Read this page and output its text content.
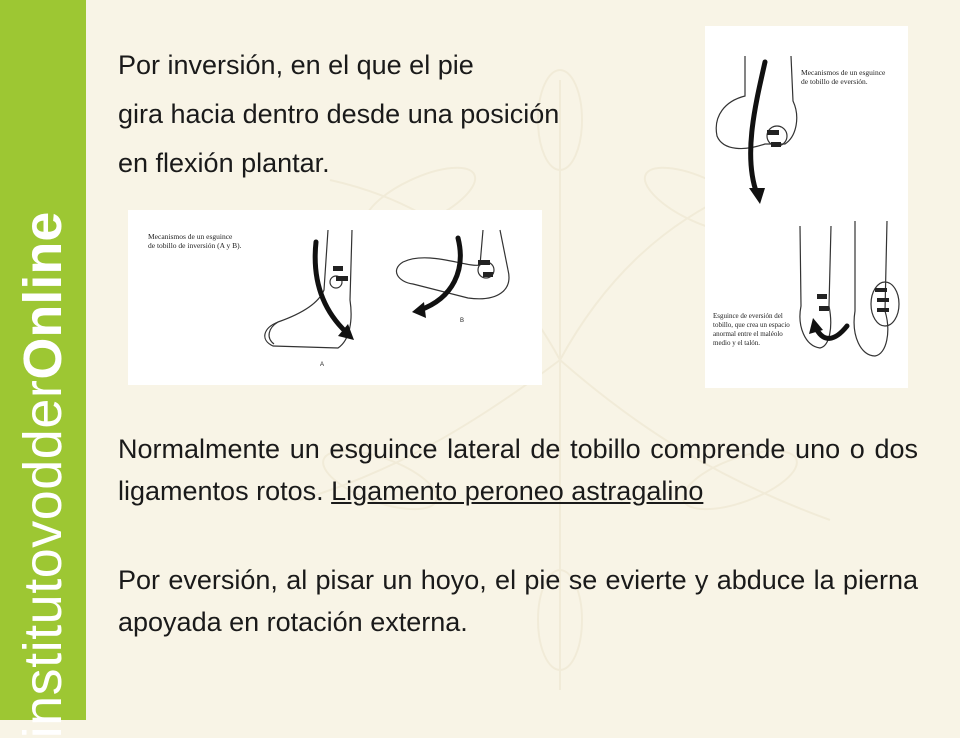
institutovodderOnline
Por inversión, en el que el pie
gira hacia dentro desde una posición
en flexión plantar.
Mecanismos de un esguince
de tobillo de inversión (A y B).
A
B
Mecanismos de un esguince
de tobillo de eversión.
Esguince de eversión del
tobillo, que crea un espacio
anormal entre el maléolo
medio y el talón.
Normalmente un esguince lateral de tobillo comprende uno o dos ligamentos rotos. Ligamento peroneo astragalino
Por eversión, al pisar un hoyo, el pie se evierte y abduce la pierna apoyada en rotación externa.
